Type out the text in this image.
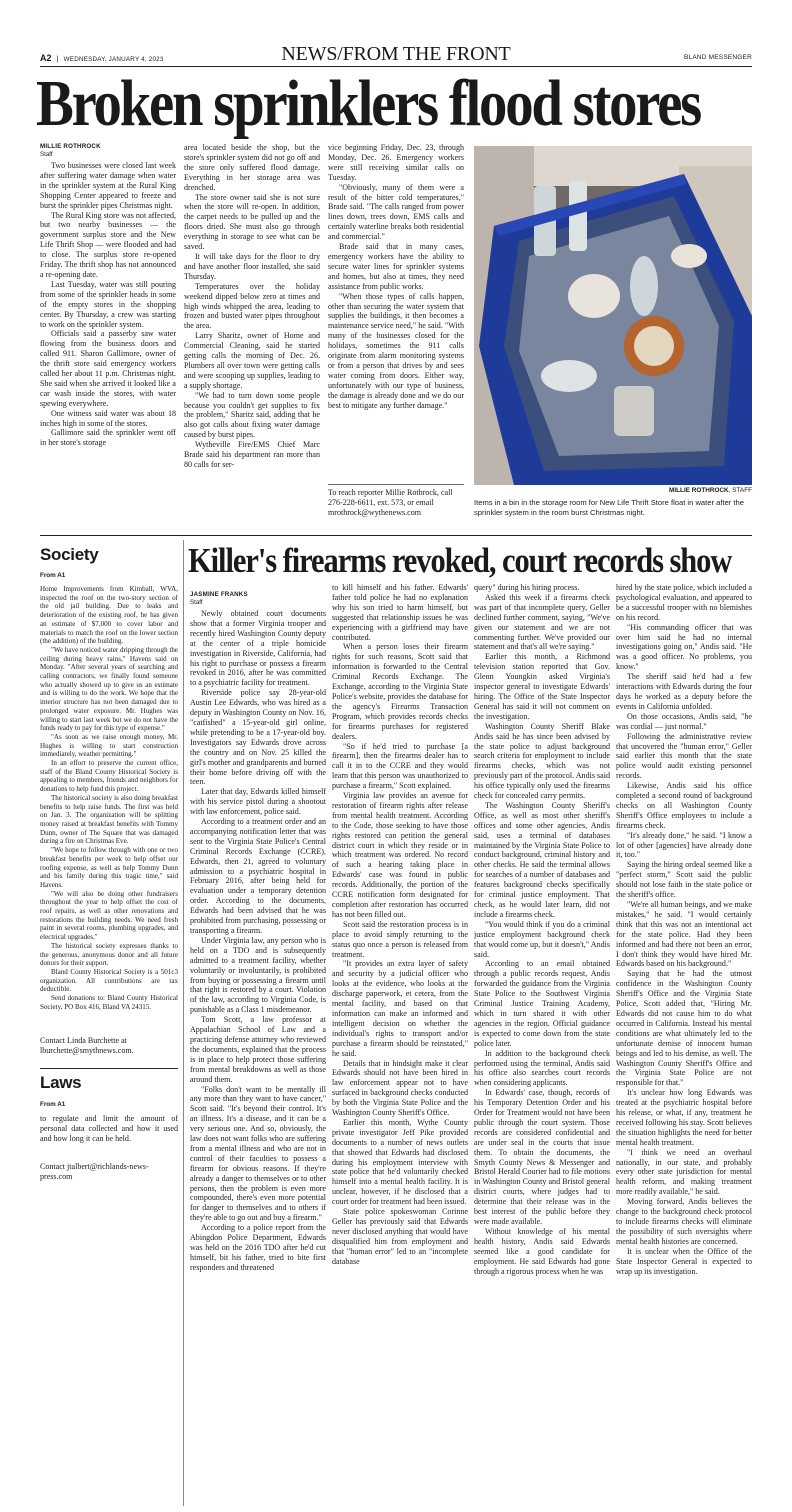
A2 | WEDNESDAY, JANUARY 4, 2023	NEWS/FROM THE FRONT	BLAND MESSENGER
Broken sprinklers flood stores
MILLIE ROTHROCK
Staff

Two businesses were closed last week after suffering water damage when water in the sprinkler system at the Rural King Shopping Center appeared to freeze and burst the sprinkler pipes Christmas night.

The Rural King store was not affected, but two nearby businesses — the government surplus store and the New Life Thrift Shop — were flooded and had to close. The surplus store re-opened Friday. The thrift shop has not announced a re-opening date.

Last Tuesday, water was still pouring from some of the sprinkler heads in some of the empty stores in the shopping center. By Thursday, a crew was starting to work on the sprinkler system.

Officials said a passerby saw water flowing from the business doors and called 911. Sharon Gallimore, owner of the thrift store said emergency workers called her about 11 p.m. Christmas night. She said when she arrived it looked like a car wash inside the stores, with water spewing everywhere.

One witness said water was about 18 inches high in some of the stores.

Gallimore said the sprinkler went off in her store's storage

area located beside the shop, but the store's sprinkler system did not go off and the store only suffered flood damage. Everything in her storage area was drenched.

The store owner said she is not sure when the store will re-open. In addition, the carpet needs to be pulled up and the floors dried. She must also go through everything in storage to see what can be saved.

It will take days for the floor to dry and have another floor installed, she said Thursday.

Temperatures over the holiday weekend dipped below zero at times and high winds whipped the area, leading to frozen and busted water pipes throughout the area.

Larry Sharitz, owner of Home and Commercial Cleaning, said he started getting calls the morning of Dec. 26. Plumbers all over town were getting calls and were scooping up supplies, leading to a supply shortage.

"We had to turn down some people because you couldn't get supplies to fix the problem," Sharitz said, adding that he also got calls about fixing water damage caused by burst pipes.

Wytheville Fire/EMS Chief Marc Brade said his department ran more than 80 calls for ser-

vice beginning Friday, Dec. 23, through Monday, Dec. 26. Emergency workers were still receiving similar calls on Tuesday.

"Obviously, many of them were a result of the bitter cold temperatures," Brade said. "The calls ranged from power lines down, trees down, EMS calls and certainly waterline breaks both residential and commercial."

Brade said that in many cases, emergency workers have the ability to secure water lines for sprinkler systems and homes, but also at times, they need assistance from public works.

"When those types of calls happen, other than securing the water system that supplies the buildings, it then becomes a maintenance service need," he said. "With many of the businesses closed for the holidays, sometimes the 911 calls originate from alarm monitoring systems or from a person that drives by and sees water coming from doors. Either way, unfortunately with our type of business, the damage is already done and we do our best to mitigate any further damage."

To reach reporter Millie Rothrock, call 276-228-6611, ext. 573, or email mrothrock@wythenews.com

MILLIE ROTHROCK, STAFF
Items in a bin in the storage room for New Life Thrift Store float in water after the sprinkler system in the room burst Christmas night.
Society
From A1

Home Improvements from Kimball, WVA, inspected the roof on the two-story section of the old jail building. Due to leaks and deterioration of the existing roof, he has given an estimate of $7,000 to cover labor and materials to match the roof on the lower section (the addition) of the building.

"We have noticed water dripping through the ceiling during heavy rains," Havens said on Monday. "After several years of searching and calling contractors, we finally found someone who actually showed up to give us an estimate and is willing to do the work. We hope that the interior structure has not been damaged due to prolonged water exposure. Mr. Hughes was willing to start last week but we do not have the funds ready to pay for this type of expense."

"As soon as we raise enough money, Mr. Hughes is willing to start construction immediately, weather permitting."

In an effort to preserve the current office, staff of the Bland County Historical Society is appealing to members, friends and neighbors for donations to help fund this project.

The historical society is also doing breakfast benefits to help raise funds. The first was held on Jan. 3. The organization will be splitting money raised at breakfast benefits with Tommy Dunn, owner of The Square that was damaged during a fire on Christmas Eve.

"We hope to follow through with one or two breakfast benefits per week to help offset our roofing expense, as well as help Tommy Dunn and his family during this tragic time," said Havens.

"We will also be doing other fundraisers throughout the year to help offset the cost of roof repairs, as well as other renovations and restorations the building needs. We need fresh paint in several rooms, plumbing upgrades, and electrical upgrades."

The historical society expresses thanks to the generous, anonymous donor and all future donors for their support.

Bland County Historical Society is a 501c3 organization. All contributions are tax deductible.

Send donations to: Bland County Historical Society, PO Box 416, Bland VA 24315.

Contact Linda Burchette at lburchette@smythnews.com.

Laws
From A1

to regulate and limit the amount of personal data collected and how it used and how long it can be held.

Contact jtalbert@richlands-news-press.com

Killer's firearms revoked, court records show
JASMINE FRANKS
Staff

Newly obtained court documents show that a former Virginia trooper and recently hired Washington County deputy at the center of a triple homicide investigation in Riverside, California, had his right to purchase or possess a firearm revoked in 2016, after he was committed to a psychiatric facility for treatment.

Riverside police say 28-year-old Austin Lee Edwards, who was hired as a deputy in Washington County on Nov. 16, "catfished" a 15-year-old girl online, while pretending to be a 17-year-old boy. Investigators say Edwards drove across the country and on Nov. 25 killed the girl's mother and grandparents and burned their home before driving off with the teen.

Later that day, Edwards killed himself with his service pistol during a shootout with law enforcement, police said.

According to a treatment order and an accompanying notification letter that was sent to the Virginia State Police's Central Criminal Records Exchange (CCRE), Edwards, then 21, agreed to voluntary admission to a psychiatric hospital in February 2016, after being held for evaluation under a temporary detention order. According to the documents, Edwards had been advised that he was prohibited from purchasing, possessing or transporting a firearm.

Under Virginia law, any person who is held on a TDO and is subsequently admitted to a treatment facility, whether voluntarily or involuntarily, is prohibited from buying or possessing a firearm until that right is restored by a court. Violation of the law, according to Virginia Code, is punishable as a Class 1 misdemeanor.

Tom Scott, a law professor at Appalachian School of Law and a practicing defense attorney who reviewed the documents, explained that the process is in place to help protect those suffering from mental breakdowns as well as those around them.

"Folks don't want to be mentally ill any more than they want to have cancer," Scott said. "It's beyond their control. It's an illness. It's a disease, and it can be a very serious one. And so, obviously, the law does not want folks who are suffering from a mental illness and who are not in control of their faculties to possess a firearm for obvious reasons. If they're already a danger to themselves or to other persons, then the problem is even more compounded, there's even more potential for danger to themselves and to others if they're able to go out and buy a firearm."

According to a police report from the Abingdon Police Department, Edwards was held on the 2016 TDO after he'd cut himself, bit his father, tried to bite first responders and threatened

to kill himself and his father. Edwards' father told police he had no explanation why his son tried to harm himself, but suggested that relationship issues he was experiencing with a girlfriend may have contributed.

When a person loses their firearm rights for such reasons, Scott said that information is forwarded to the Central Criminal Records Exchange. The Exchange, according to the Virginia State Police's website, provides the database for the agency's Firearms Transaction Program, which provides records checks for firearms purchases for registered dealers.

"So if he'd tried to purchase [a firearm], then the firearms dealer has to call it in to the CCRE and they would learn that this person was unauthorized to purchase a firearm," Scott explained.

Virginia law provides an avenue for restoration of firearm rights after release from mental health treatment. According to the Code, those seeking to have those rights restored can petition the general district court in which they reside or in which treatment was ordered. No record of such a hearing taking place in Edwards' case was found in public records. Additionally, the portion of the CCRE notification form designated for completion after restoration has occurred has not been filled out.

Scott said the restoration process is in place to avoid simply returning to the status quo once a person is released from treatment.

"It provides an extra layer of safety and security by a judicial officer who looks at the evidence, who looks at the discharge paperwork, et cetera, from the mental facility, and based on that information can make an informed and intelligent decision on whether the individual's rights to transport and/or purchase a firearm should be reinstated," he said.

Details that in hindsight make it clear Edwards should not have been hired in law enforcement appear not to have surfaced in background checks conducted by both the Virginia State Police and the Washington County Sheriff's Office.

Earlier this month, Wythe County private investigator Jeff Pike provided documents to a number of news outlets that showed that Edwards had disclosed during his employment interview with state police that he'd voluntarily checked himself into a mental health facility. It is unclear, however, if he disclosed that a court order for treatment had been issued.

State police spokeswoman Corinne Geller has previously said that Edwards never disclosed anything that would have disqualified him from employment and that "human error" led to an "incomplete database

query" during his hiring process.

Asked this week if a firearms check was part of that incomplete query, Geller declined further comment, saying, "We've given our statement and we are not commenting further. We've provided our statement and that's all we're saying."

Earlier this month, a Richmond television station reported that Gov. Glenn Youngkin asked Virginia's inspector general to investigate Edwards' hiring. The Office of the State Inspector General has said it will not comment on the investigation.

Washington County Sheriff Blake Andis said he has since been advised by the state police to adjust background search criteria for employment to include firearms checks, which was not previously part of the protocol. Andis said his office typically only used the firearms check for concealed carry permits.

The Washington County Sheriff's Office, as well as most other sheriff's offices and some other agencies, Andis said, uses a terminal of databases maintained by the Virginia State Police to conduct background, criminal history and other checks. He said the terminal allows for searches of a number of databases and features background checks specifically for criminal justice employment. That check, as he would later learn, did not include a firearms check.

"You would think if you do a criminal justice employment background check that would come up, but it doesn't," Andis said.

According to an email obtained through a public records request, Andis forwarded the guidance from the Virginia State Police to the Southwest Virginia Criminal Justice Training Academy, which in turn shared it with other agencies in the region. Official guidance is expected to come down from the state police later.

In addition to the background check performed using the terminal, Andis said his office also searches court records when considering applicants.

In Edwards' case, though, records of his Temporary Detention Order and his Order for Treatment would not have been public through the court system. Those records are considered confidential and are under seal in the courts that issue them. To obtain the documents, the Smyth County News & Messenger and Bristol Herald Courier had to file motions in Washington County and Bristol general district courts, where judges had to determine that their release was in the best interest of the public before they were made available.

Without knowledge of his mental health history, Andis said Edwards seemed like a good candidate for employment. He said Edwards had gone through a rigorous process when he was

hired by the state police, which included a psychological evaluation, and appeared to be a successful trooper with no blemishes on his record.

"His commanding officer that was over him said he had no internal investigations going on," Andis said. "He was a good officer. No problems, you know."

The sheriff said he'd had a few interactions with Edwards during the four days he worked as a deputy before the events in California unfolded.

On those occasions, Andis said, "he was cordial — just normal."

Following the administrative review that uncovered the "human error," Geller said earlier this month that the state police would audit existing personnel records.

Likewise, Andis said his office completed a second round of background checks on all Washington County Sheriff's Office employees to include a firearms check.

"It's already done," he said. "I know a lot of other [agencies] have already done it, too."

Saying the hiring ordeal seemed like a "perfect storm," Scott said the public should not lose faith in the state police or the sheriff's office.

"We're all human beings, and we make mistakes," he said. "I would certainly think that this was not an intentional act for the state police. Had they been informed and had there not been an error, I don't think they would have hired Mr. Edwards based on his background."

Saying that he had the utmost confidence in the Washington County Sheriff's Office and the Virginia State Police, Scott added that, "Hiring Mr. Edwards did not cause him to do what occurred in California. Instead his mental conditions are what ultimately led to the unfortunate demise of innocent human beings and led to his demise, as well. The Washington County Sheriff's Office and the Virginia State Police are not responsible for that."

It's unclear how long Edwards was treated at the psychiatric hospital before his release, or what, if any, treatment he received following his stay. Scott believes the situation highlights the need for better mental health treatment.

"I think we need an overhaul nationally, in our state, and probably every other state jurisdiction for mental health reform, and making treatment more readily available," he said.

Moving forward, Andis believes the change to the background check protocol to include firearms checks will eliminate the possibility of such oversights where mental health histories are concerned.

It is unclear when the Office of the State Inspector General is expected to wrap up its investigation.
